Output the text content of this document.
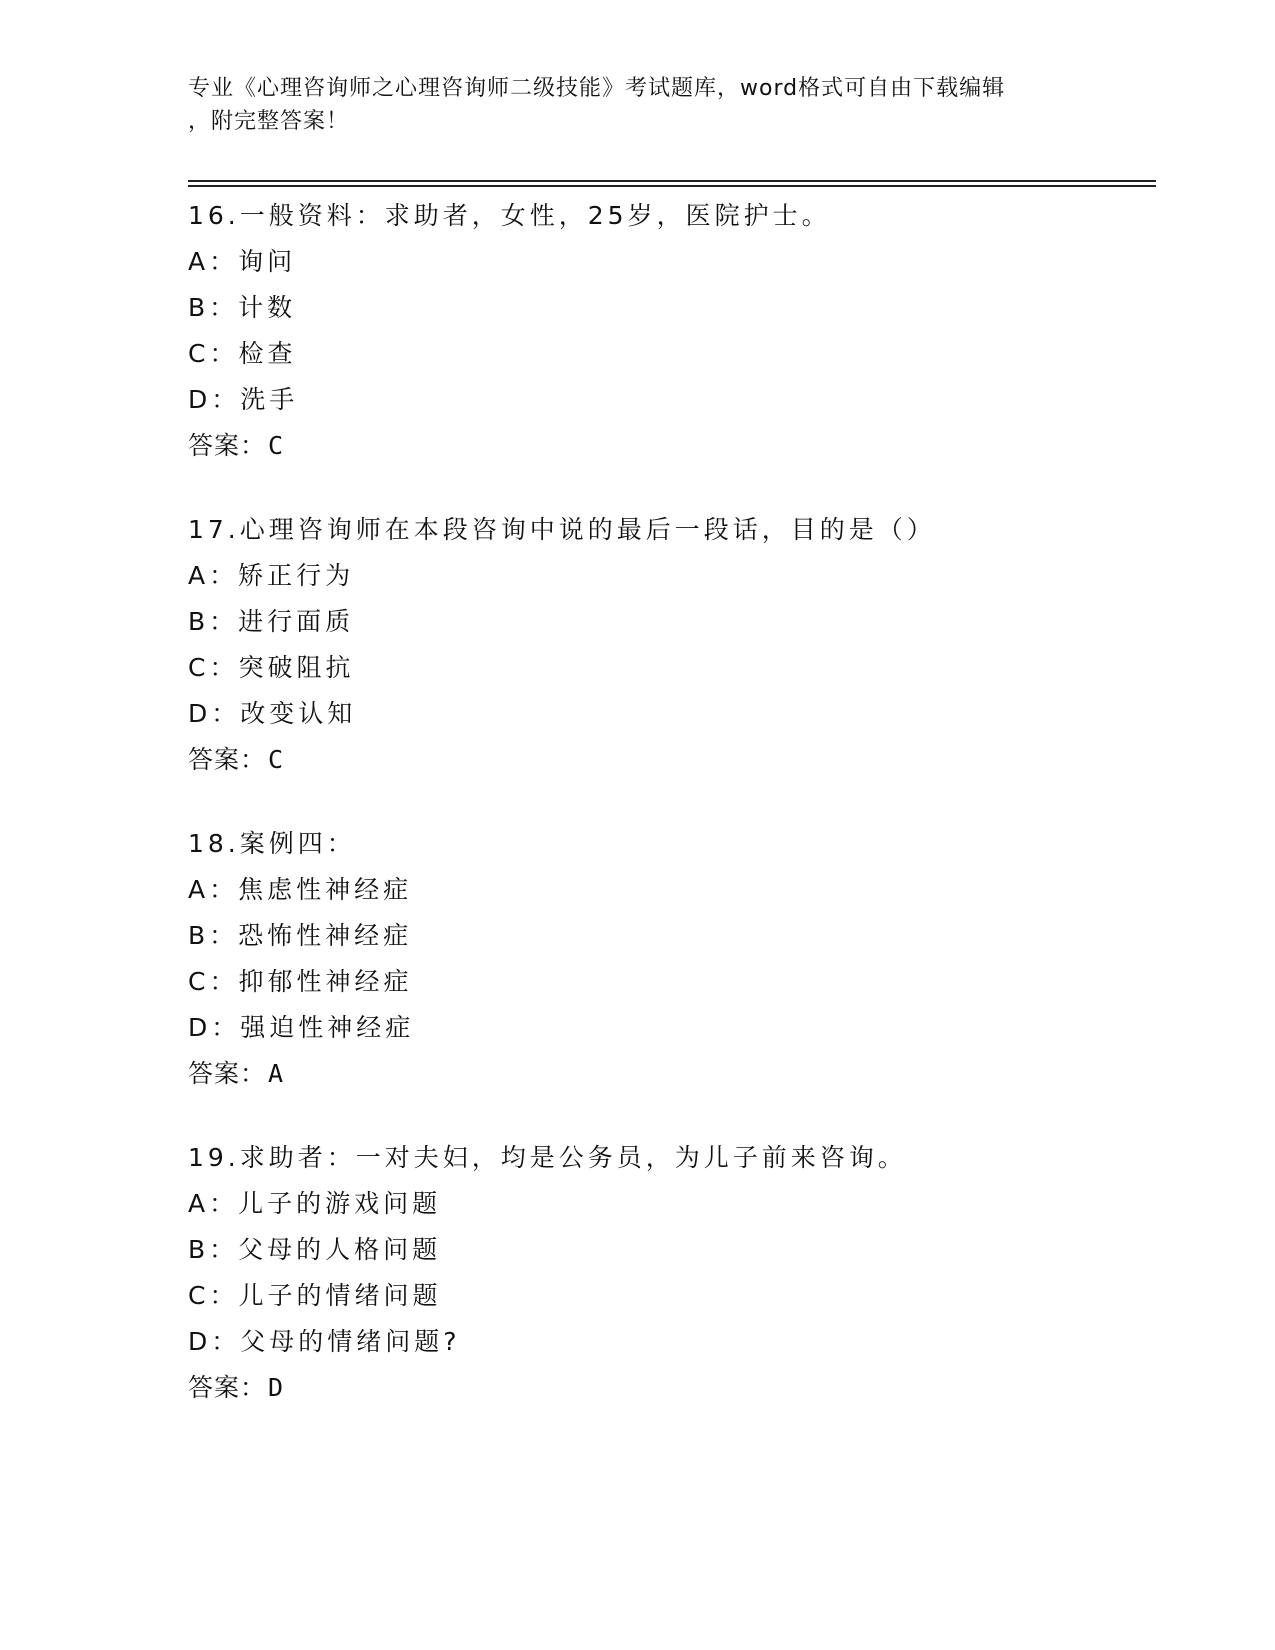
专业《心理咨询师之心理咨询师二级技能》考试题库，word格式可自由下载编辑
，附完整答案！
16.一般资料：求助者，女性，25岁，医院护士。
A：询问
B：计数
C：检查
D：洗手
答案：C
17.心理咨询师在本段咨询中说的最后一段话，目的是（）
A：矫正行为
B：进行面质
C：突破阻抗
D：改变认知
答案：C
18.案例四：
A：焦虑性神经症
B：恐怖性神经症
C：抑郁性神经症
D：强迫性神经症
答案：A
19.求助者：一对夫妇，均是公务员，为儿子前来咨询。
A：儿子的游戏问题
B：父母的人格问题
C：儿子的情绪问题
D：父母的情绪问题?
答案：D
